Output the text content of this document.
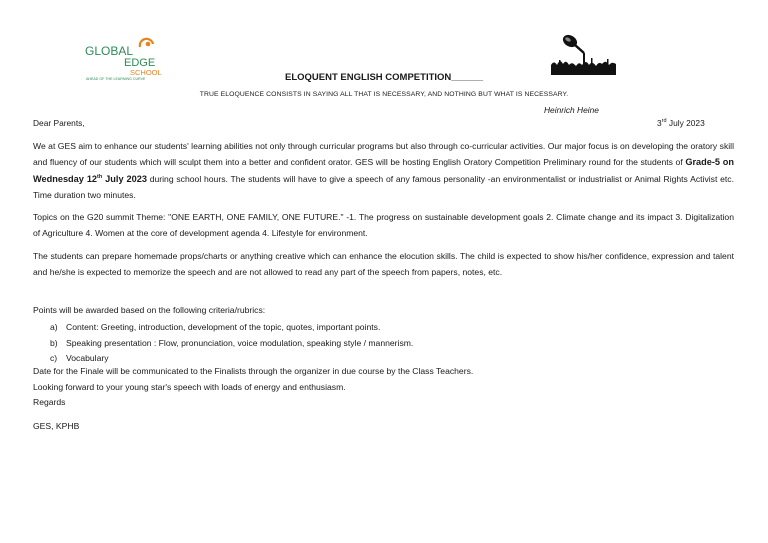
GLOBAL
EDGE
SCHOOL
AHEAD OF THE LEARNING CURVE	ELOQUENT ENGLISH COMPETITION______
TRUE ELOQUENCE CONSISTS IN SAYING ALL THAT IS NECESSARY, AND NOTHING BUT WHAT IS NECESSARY.
Heinrich Heine
Dear Parents,	3rd July 2023

We at GES aim to enhance our students' learning abilities not only through curricular programs but also through co-curricular activities. Our major focus is on developing the oratory skill and fluency of our students which will sculpt them into a better and confident orator. GES will be hosting English Oratory Competition Preliminary round for the students of Grade-5 on Wednesday 12th July 2023 during school hours. The students will have to give a speech of any famous personality -an environmentalist or industrialist or Animal Rights Activist etc. Time duration two minutes.

Topics on the G20 summit Theme: "ONE EARTH, ONE FAMILY, ONE FUTURE." -1. The progress on sustainable development goals 2. Climate change and its impact 3. Digitalization of Agriculture 4. Women at the core of development agenda 4. Lifestyle for environment.

The students can prepare homemade props/charts or anything creative which can enhance the elocution skills. The child is expected to show his/her confidence, expression and talent and he/she is expected to memorize the speech and are not allowed to read any part of the speech from papers, notes, etc.

Points will be awarded based on the following criteria/rubrics:
a) Content: Greeting, introduction, development of the topic, quotes, important points.
b) Speaking presentation : Flow, pronunciation, voice modulation, speaking style / mannerism.
c) Vocabulary
Date for the Finale will be communicated to the Finalists through the organizer in due course by the Class Teachers.
Looking forward to your young star's speech with loads of energy and enthusiasm.
Regards
GES, KPHB
